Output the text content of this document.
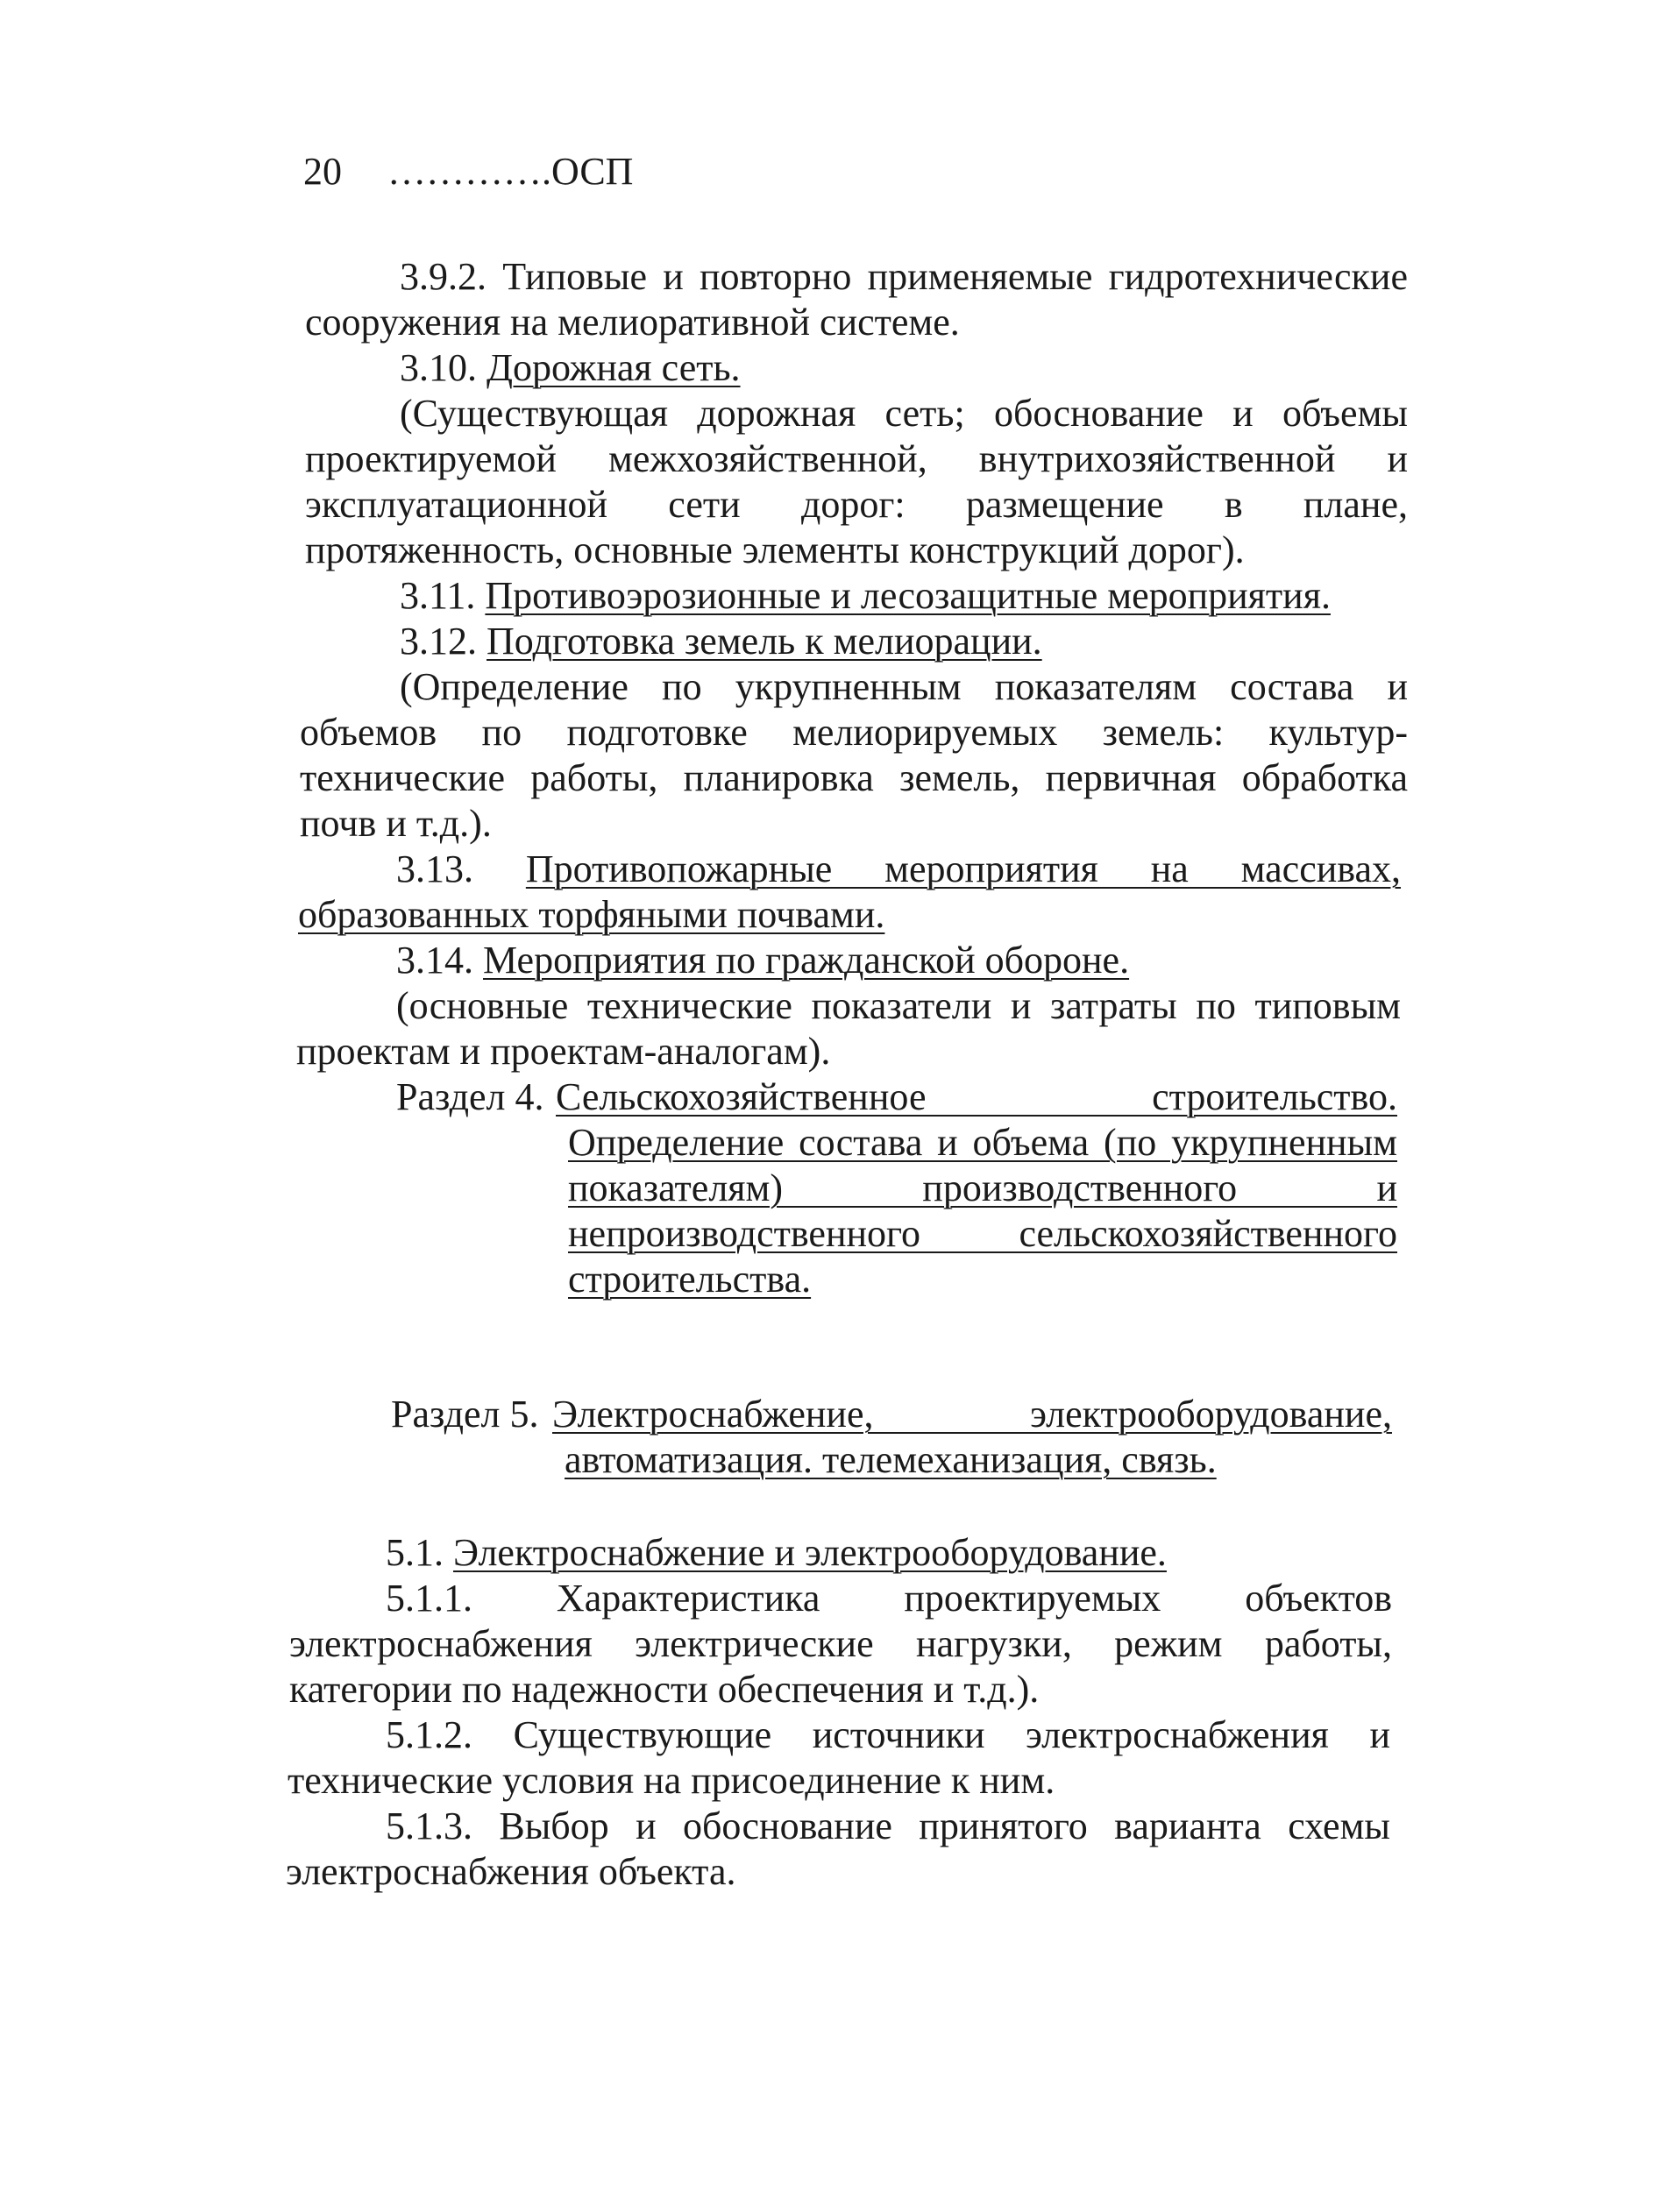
20 ………….ОСП
3.9.2. Типовые и повторно применяемые гидротехнические
сооружения на мелиоративной системе.
3.10. Дорожная сеть.
(Существующая дорожная сеть; обоснование и объемы
проектируемой межхозяйственной, внутрихозяйственной и
эксплуатационной сети дорог: размещение в плане,
протяженность, основные элементы конструкций дорог).
3.11. Противоэрозионные и лесозащитные мероприятия.
3.12. Подготовка земель к мелиорации.
(Определение по укрупненным показателям состава и
объемов по подготовке мелиорируемых земель: культур-
технические работы, планировка земель, первичная обработка
почв и т.д.).
3.13. Противопожарные мероприятия на массивах,
образованных торфяными почвами.
3.14. Мероприятия по гражданской обороне.
(основные технические показатели и затраты по типовым
проектам и проектам-аналогам).
Раздел 4. Сельскохозяйственное строительство.
Определение состава и объема (по укрупненным
показателям) производственного и
непроизводственного сельскохозяйственного
строительства.
Раздел 5. Электроснабжение, электрооборудование,
автоматизация. телемеханизация, связь.
5.1. Электроснабжение и электрооборудование.
5.1.1. Характеристика проектируемых объектов
электроснабжения электрические нагрузки, режим работы,
категории по надежности обеспечения и т.д.).
5.1.2. Существующие источники электроснабжения и
технические условия на присоединение к ним.
5.1.3. Выбор и обоснование принятого варианта схемы
электроснабжения объекта.
